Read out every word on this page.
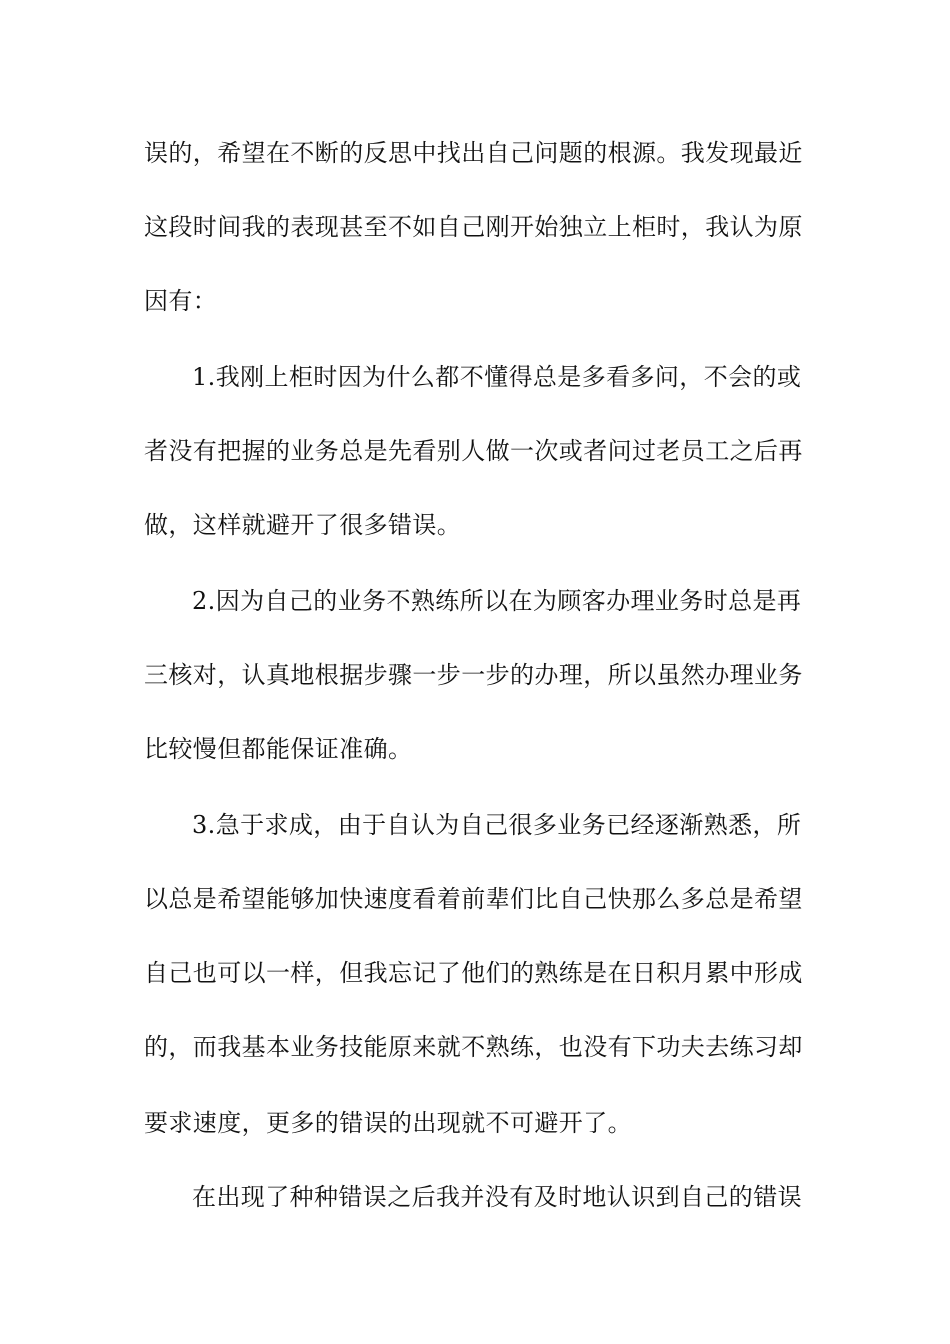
误的，希望在不断的反思中找出自己问题的根源。我发现最近
这段时间我的表现甚至不如自己刚开始独立上柜时，我认为原
因有：
1.我刚上柜时因为什么都不懂得总是多看多问，不会的或
者没有把握的业务总是先看别人做一次或者问过老员工之后再
做，这样就避开了很多错误。
2.因为自己的业务不熟练所以在为顾客办理业务时总是再
三核对，认真地根据步骤一步一步的办理，所以虽然办理业务
比较慢但都能保证准确。
3.急于求成，由于自认为自己很多业务已经逐渐熟悉，所
以总是希望能够加快速度看着前辈们比自己快那么多总是希望
自己也可以一样，但我忘记了他们的熟练是在日积月累中形成
的，而我基本业务技能原来就不熟练，也没有下功夫去练习却
要求速度，更多的错误的出现就不可避开了。
在出现了种种错误之后我并没有及时地认识到自己的错误
